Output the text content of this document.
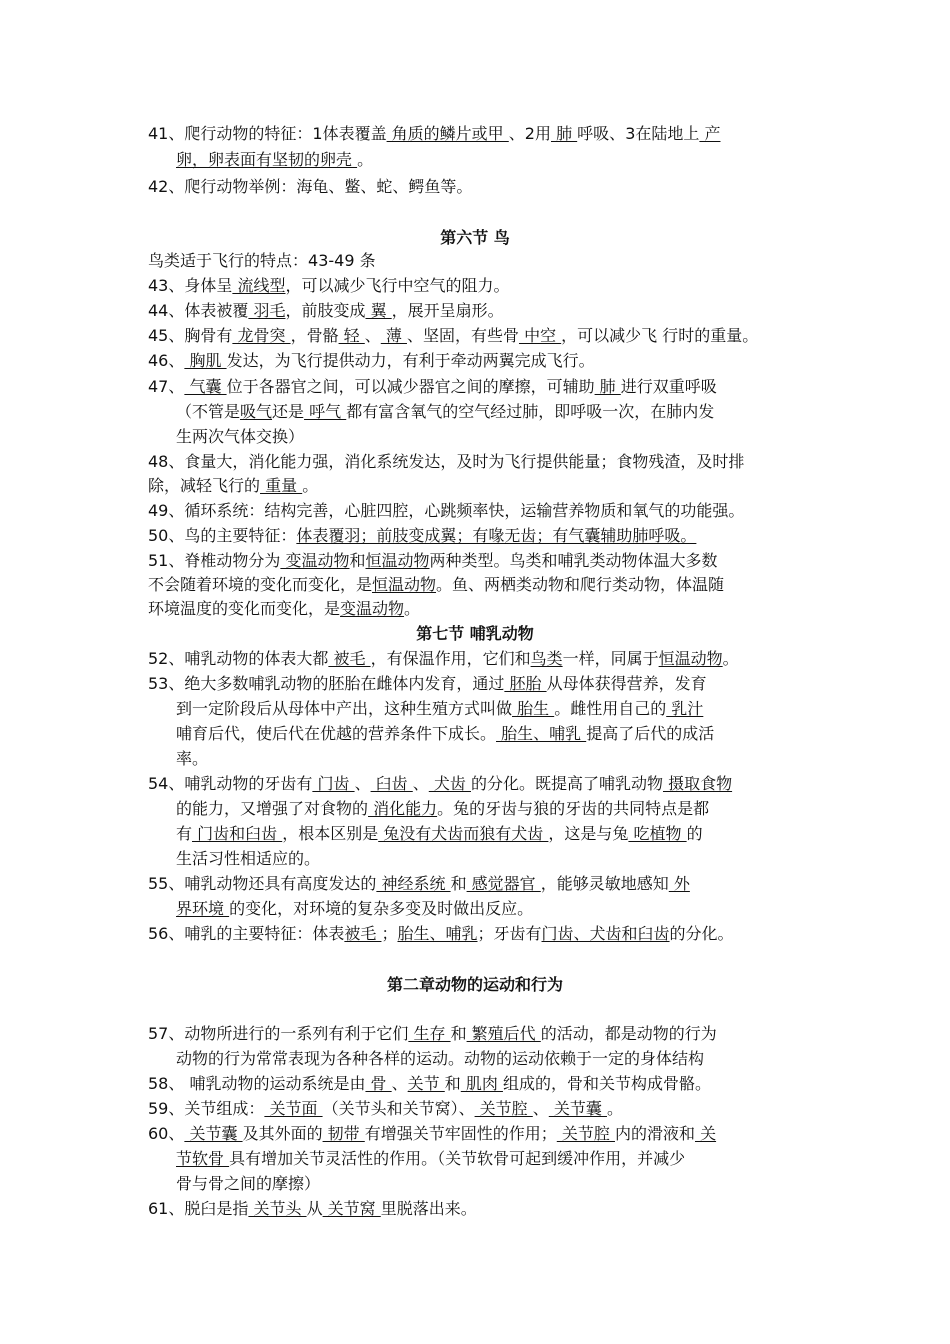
41、爬行动物的特征：1体表覆盖 角质的鳞片或甲 、2用 肺 呼吸、3在陆地上 产
卵，卵表面有坚韧的卵壳 。
42、爬行动物举例：海龟、鳖、蛇、鳄鱼等。
第六节 鸟
鸟类适于飞行的特点：43-49 条
43、身体呈 流线型，可以减少飞行中空气的阻力。
44、体表被覆 羽毛，前肢变成 翼 ，展开呈扇形。
45、胸骨有 龙骨突 ，骨骼 轻 、 薄 、坚固，有些骨 中空 ，可以减少飞 行时的重量。
46、 胸肌 发达，为飞行提供动力，有利于牵动两翼完成飞行。
47、 气囊 位于各器官之间，可以减少器官之间的摩擦，可辅助 肺 进行双重呼吸
（不管是吸气还是 呼气 都有富含氧气的空气经过肺，即呼吸一次，在肺内发
生两次气体交换）
48、食量大，消化能力强，消化系统发达，及时为飞行提供能量；食物残渣，及时排
除，减轻飞行的 重量 。
49、循环系统：结构完善，心脏四腔，心跳频率快，运输营养物质和氧气的功能强。
50、鸟的主要特征：体表覆羽；前肢变成翼；有喙无齿；有气囊辅助肺呼吸。
51、脊椎动物分为 变温动物和恒温动物两种类型。鸟类和哺乳类动物体温大多数
不会随着环境的变化而变化，是恒温动物。鱼、两栖类动物和爬行类动物，体温随
环境温度的变化而变化，是变温动物。
第七节 哺乳动物
52、哺乳动物的体表大都 被毛 ，有保温作用，它们和鸟类一样，同属于恒温动物。
53、绝大多数哺乳动物的胚胎在雌体内发育，通过 胚胎 从母体获得营养，发育
到一定阶段后从母体中产出，这种生殖方式叫做 胎生 。雌性用自己的 乳汁
哺育后代，使后代在优越的营养条件下成长。 胎生、哺乳 提高了后代的成活
率。
54、哺乳动物的牙齿有 门齿 、 臼齿 、 犬齿 的分化。既提高了哺乳动物 摄取食物
的能力，又增强了对食物的 消化能力。兔的牙齿与狼的牙齿的共同特点是都
有 门齿和臼齿 ，根本区别是 兔没有犬齿而狼有犬齿 ，这是与兔 吃植物 的
生活习性相适应的。
55、哺乳动物还具有高度发达的 神经系统 和 感觉器官 ，能够灵敏地感知 外
界环境 的变化，对环境的复杂多变及时做出反应。
56、哺乳的主要特征：体表被毛 ；胎生、哺乳；牙齿有门齿、犬齿和臼齿的分化。
第二章动物的运动和行为
57、动物所进行的一系列有利于它们 生存 和 繁殖后代 的活动，都是动物的行为
动物的行为常常表现为各种各样的运动。动物的运动依赖于一定的身体结构
58、 哺乳动物的运动系统是由 骨 、关节 和 肌肉 组成的，骨和关节构成骨骼。
59、关节组成： 关节面 （关节头和关节窝）、 关节腔 、 关节囊 。
60、 关节囊 及其外面的 韧带 有增强关节牢固性的作用； 关节腔 内的滑液和 关
节软骨 具有增加关节灵活性的作用。（关节软骨可起到缓冲作用，并减少
骨与骨之间的摩擦）
61、脱臼是指 关节头 从 关节窝 里脱落出来。
